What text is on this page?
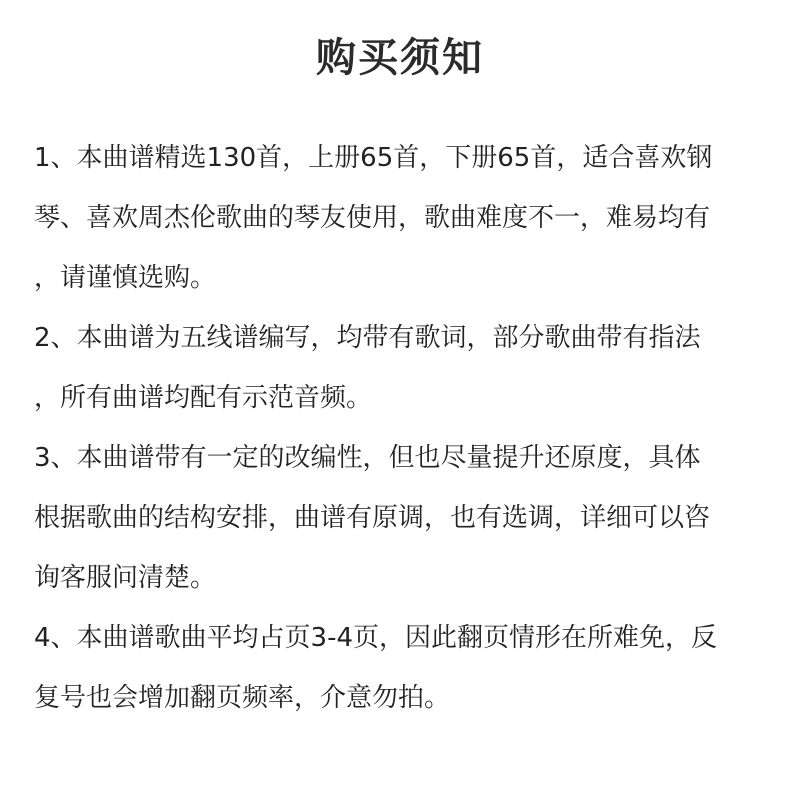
购买须知
1、本曲谱精选130首，上册65首，下册65首，适合喜欢钢
琴、喜欢周杰伦歌曲的琴友使用，歌曲难度不一，难易均有
，请谨慎选购。
2、本曲谱为五线谱编写，均带有歌词，部分歌曲带有指法
，所有曲谱均配有示范音频。
3、本曲谱带有一定的改编性，但也尽量提升还原度，具体
根据歌曲的结构安排，曲谱有原调，也有选调，详细可以咨
询客服问清楚。
4、本曲谱歌曲平均占页3-4页，因此翻页情形在所难免，反
复号也会增加翻页频率，介意勿拍。
